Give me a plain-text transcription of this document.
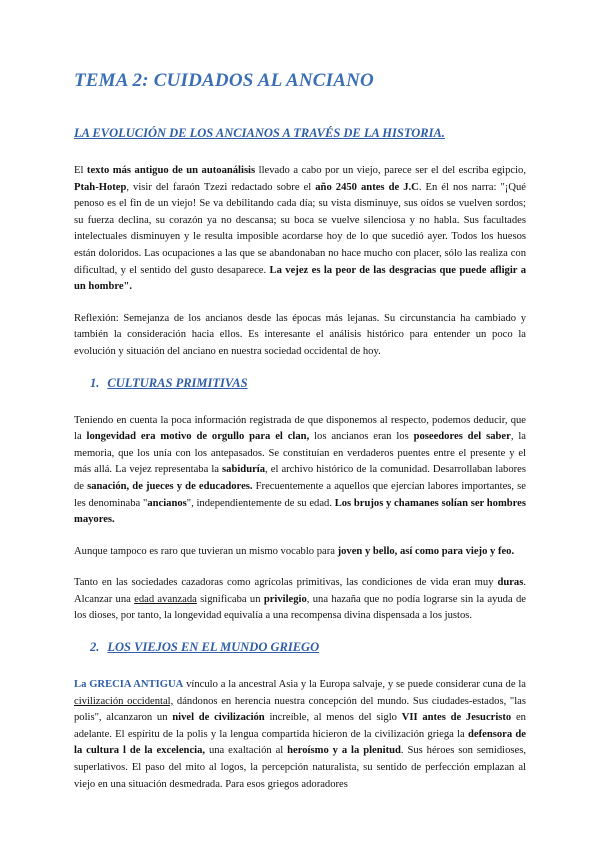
TEMA 2: CUIDADOS AL ANCIANO
LA EVOLUCIÓN DE LOS ANCIANOS A TRAVÉS DE LA HISTORIA.

El texto más antiguo de un autoanálisis llevado a cabo por un viejo, parece ser el del escriba egipcio, Ptah-Hotep, visir del faraón Tzezi redactado sobre el año 2450 antes de J.C. En él nos narra: "¡Qué penoso es el fin de un viejo! Se va debilitando cada día; su vista disminuye, sus oídos se vuelven sordos; su fuerza declina, su corazón ya no descansa; su boca se vuelve silenciosa y no habla. Sus facultades intelectuales disminuyen y le resulta imposible acordarse hoy de lo que sucedió ayer. Todos los huesos están doloridos. Las ocupaciones a las que se abandonaban no hace mucho con placer, sólo las realiza con dificultad, y el sentido del gusto desaparece. La vejez es la peor de las desgracias que puede afligir a un hombre".

Reflexión: Semejanza de los ancianos desde las épocas más lejanas. Su circunstancia ha cambiado y también la consideración hacia ellos. Es interesante el análisis histórico para entender un poco la evolución y situación del anciano en nuestra sociedad occidental de hoy.

1. CULTURAS PRIMITIVAS

Teniendo en cuenta la poca información registrada de que disponemos al respecto, podemos deducir, que la longevidad era motivo de orgullo para el clan, los ancianos eran los poseedores del saber, la memoria, que los unía con los antepasados. Se constituían en verdaderos puentes entre el presente y el más allá. La vejez representaba la sabiduría, el archivo histórico de la comunidad. Desarrollaban labores de sanación, de jueces y de educadores. Frecuentemente a aquellos que ejercían labores importantes, se les denominaba "ancianos", independientemente de su edad. Los brujos y chamanes solían ser hombres mayores.

Aunque tampoco es raro que tuvieran un mismo vocablo para joven y bello, así como para viejo y feo.

Tanto en las sociedades cazadoras como agrícolas primitivas, las condiciones de vida eran muy duras. Alcanzar una edad avanzada significaba un privilegio, una hazaña que no podía lograrse sin la ayuda de los dioses, por tanto, la longevidad equivalía a una recompensa divina dispensada a los justos.

2. LOS VIEJOS EN EL MUNDO GRIEGO

La GRECIA ANTIGUA vínculo a la ancestral Asia y la Europa salvaje, y se puede considerar cuna de la civilización occidental, dándonos en herencia nuestra concepción del mundo. Sus ciudades-estados, "las polis", alcanzaron un nivel de civilización increíble, al menos del siglo VII antes de Jesucristo en adelante. El espíritu de la polis y la lengua compartida hicieron de la civilización griega la defensora de la cultura l de la excelencia, una exaltación al heroísmo y a la plenitud. Sus héroes son semidioses, superlativos. El paso del mito al logos, la percepción naturalista, su sentido de perfección emplazan al viejo en una situación desmedrada. Para esos griegos adoradores
